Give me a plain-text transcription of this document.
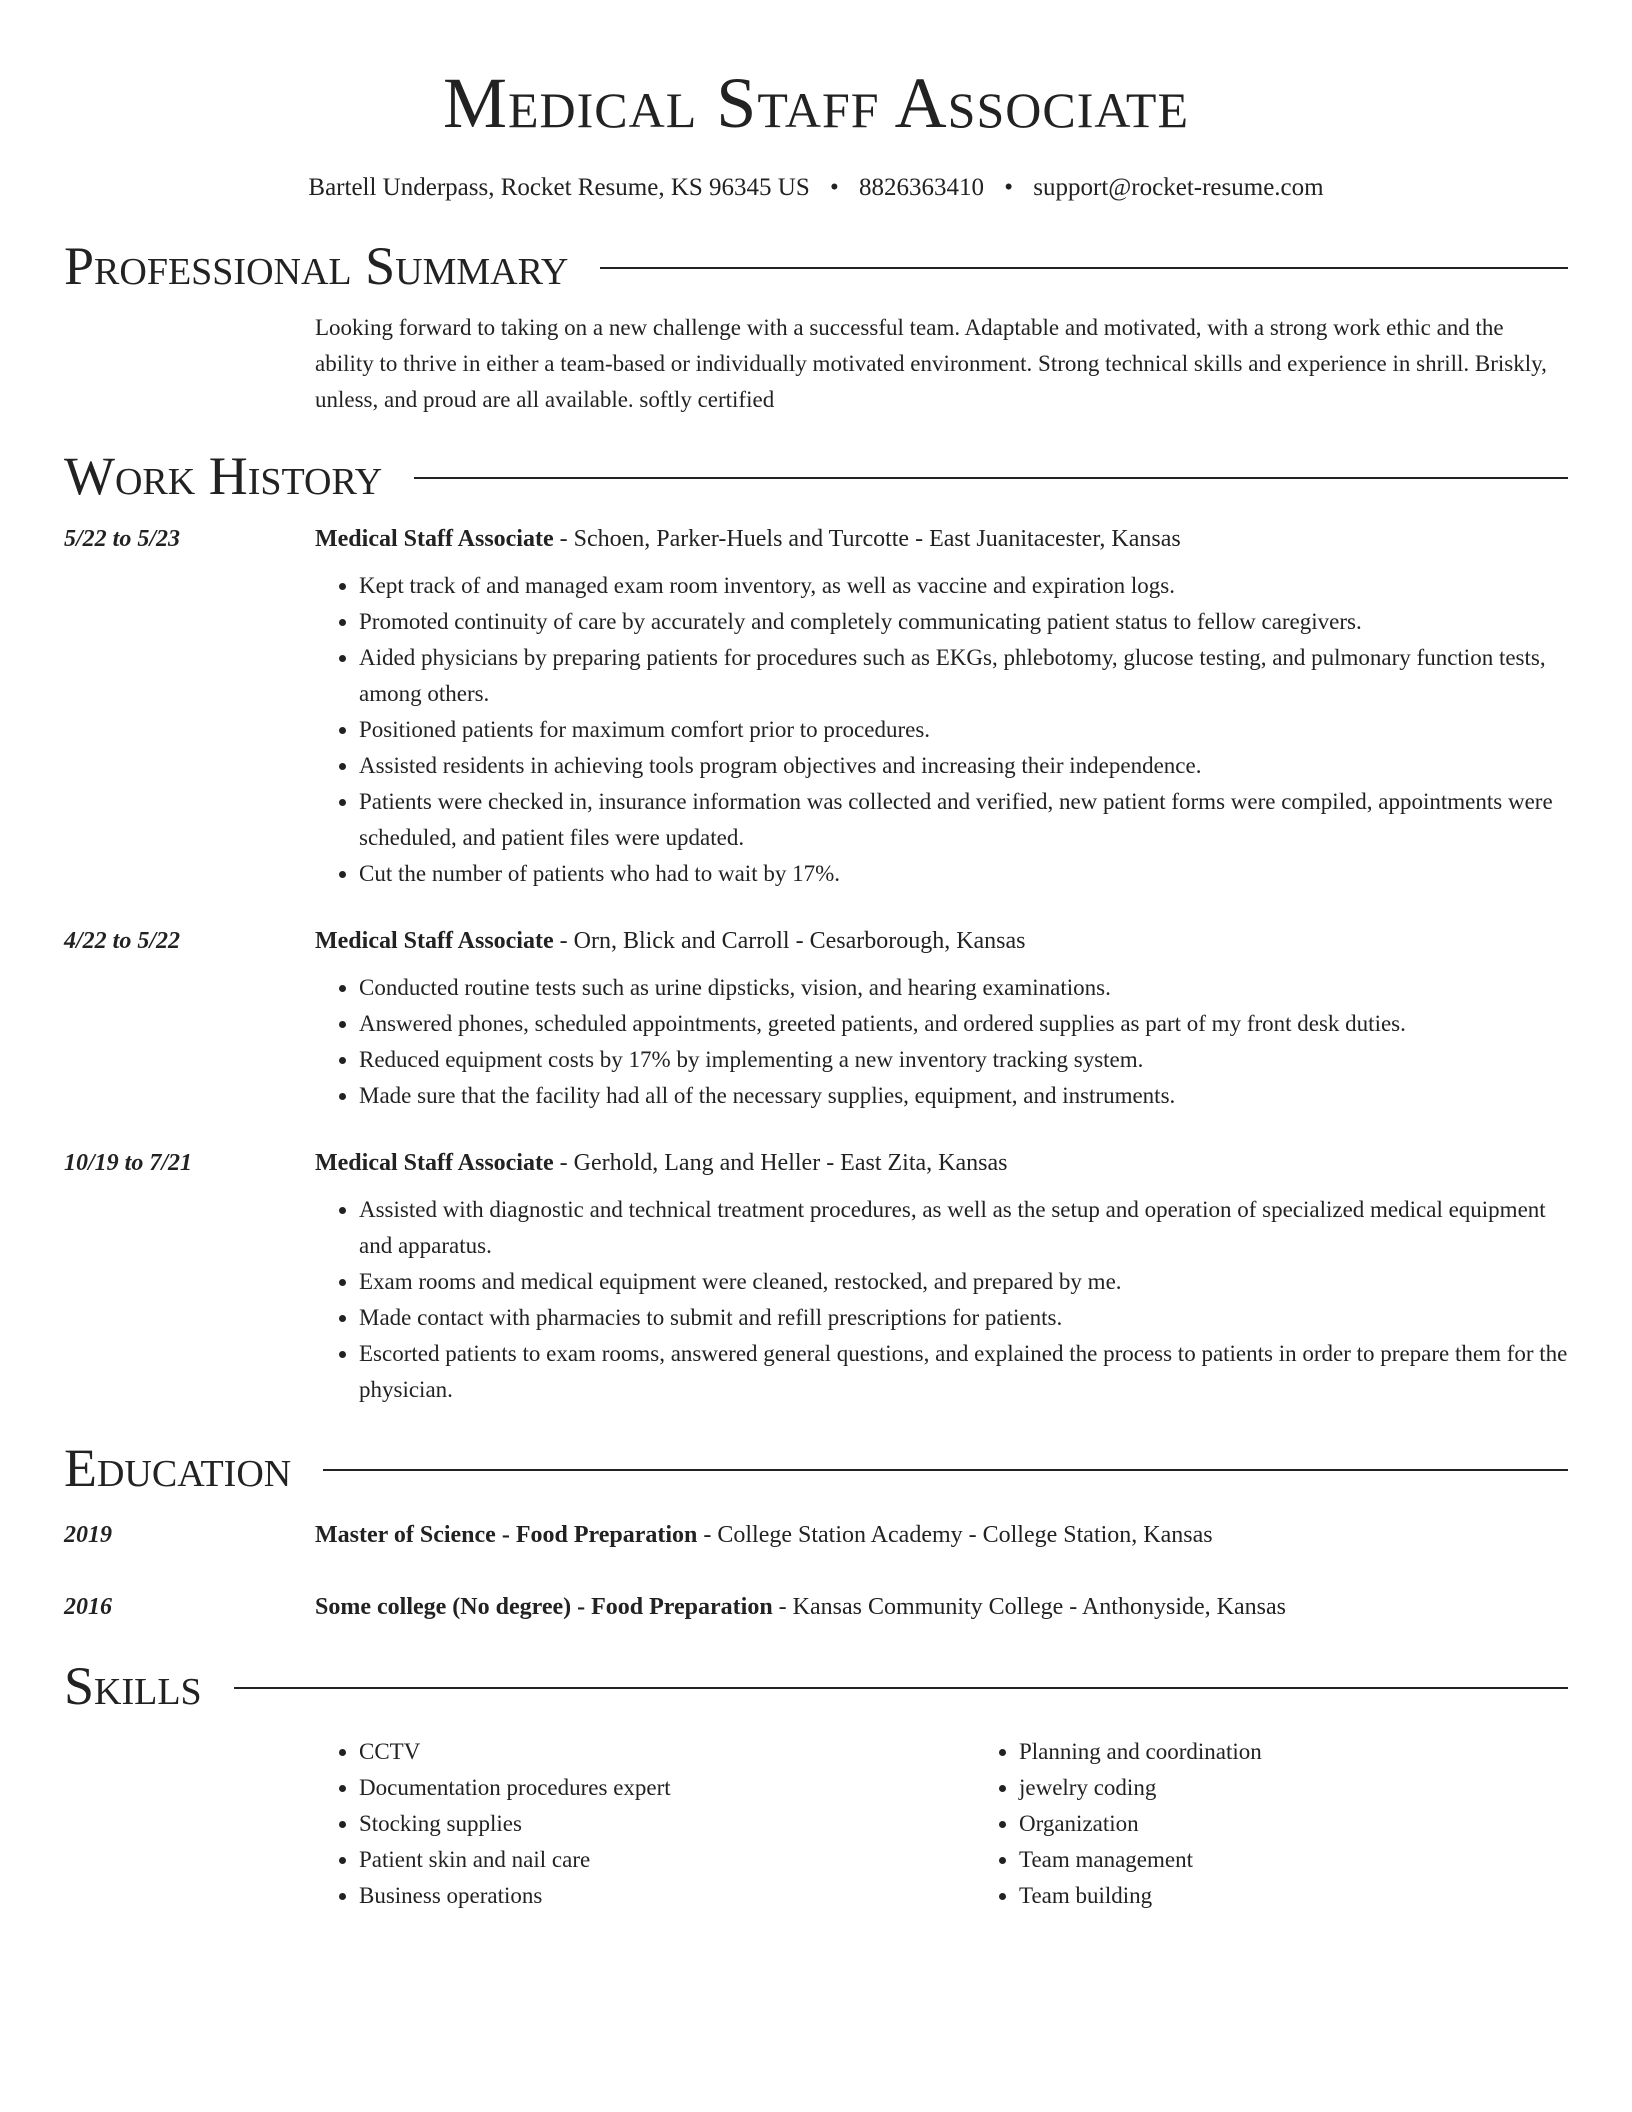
Medical Staff Associate
Bartell Underpass, Rocket Resume, KS 96345 US • 8826363410 • support@rocket-resume.com
Professional Summary

Looking forward to taking on a new challenge with a successful team. Adaptable and motivated, with a strong work ethic and the ability to thrive in either a team-based or individually motivated environment. Strong technical skills and experience in shrill. Briskly, unless, and proud are all available. softly certified

Work History
5/22 to 5/23	Medical Staff Associate - Schoen, Parker-Huels and Turcotte - East Juanitacester, Kansas
• Kept track of and managed exam room inventory, as well as vaccine and expiration logs.
• Promoted continuity of care by accurately and completely communicating patient status to fellow caregivers.
• Aided physicians by preparing patients for procedures such as EKGs, phlebotomy, glucose testing, and pulmonary function tests, among others.
• Positioned patients for maximum comfort prior to procedures.
• Assisted residents in achieving tools program objectives and increasing their independence.
• Patients were checked in, insurance information was collected and verified, new patient forms were compiled, appointments were scheduled, and patient files were updated.
• Cut the number of patients who had to wait by 17%.
4/22 to 5/22	Medical Staff Associate - Orn, Blick and Carroll - Cesarborough, Kansas
• Conducted routine tests such as urine dipsticks, vision, and hearing examinations.
• Answered phones, scheduled appointments, greeted patients, and ordered supplies as part of my front desk duties.
• Reduced equipment costs by 17% by implementing a new inventory tracking system.
• Made sure that the facility had all of the necessary supplies, equipment, and instruments.
10/19 to 7/21	Medical Staff Associate - Gerhold, Lang and Heller - East Zita, Kansas
• Assisted with diagnostic and technical treatment procedures, as well as the setup and operation of specialized medical equipment and apparatus.
• Exam rooms and medical equipment were cleaned, restocked, and prepared by me.
• Made contact with pharmacies to submit and refill prescriptions for patients.
• Escorted patients to exam rooms, answered general questions, and explained the process to patients in order to prepare them for the physician.
Education
2019	Master of Science - Food Preparation - College Station Academy - College Station, Kansas
2016	Some college (No degree) - Food Preparation - Kansas Community College - Anthonyside, Kansas
Skills
• CCTV
• Documentation procedures expert
• Stocking supplies
• Patient skin and nail care
• Business operations
• Planning and coordination
• jewelry coding
• Organization
• Team management
• Team building
